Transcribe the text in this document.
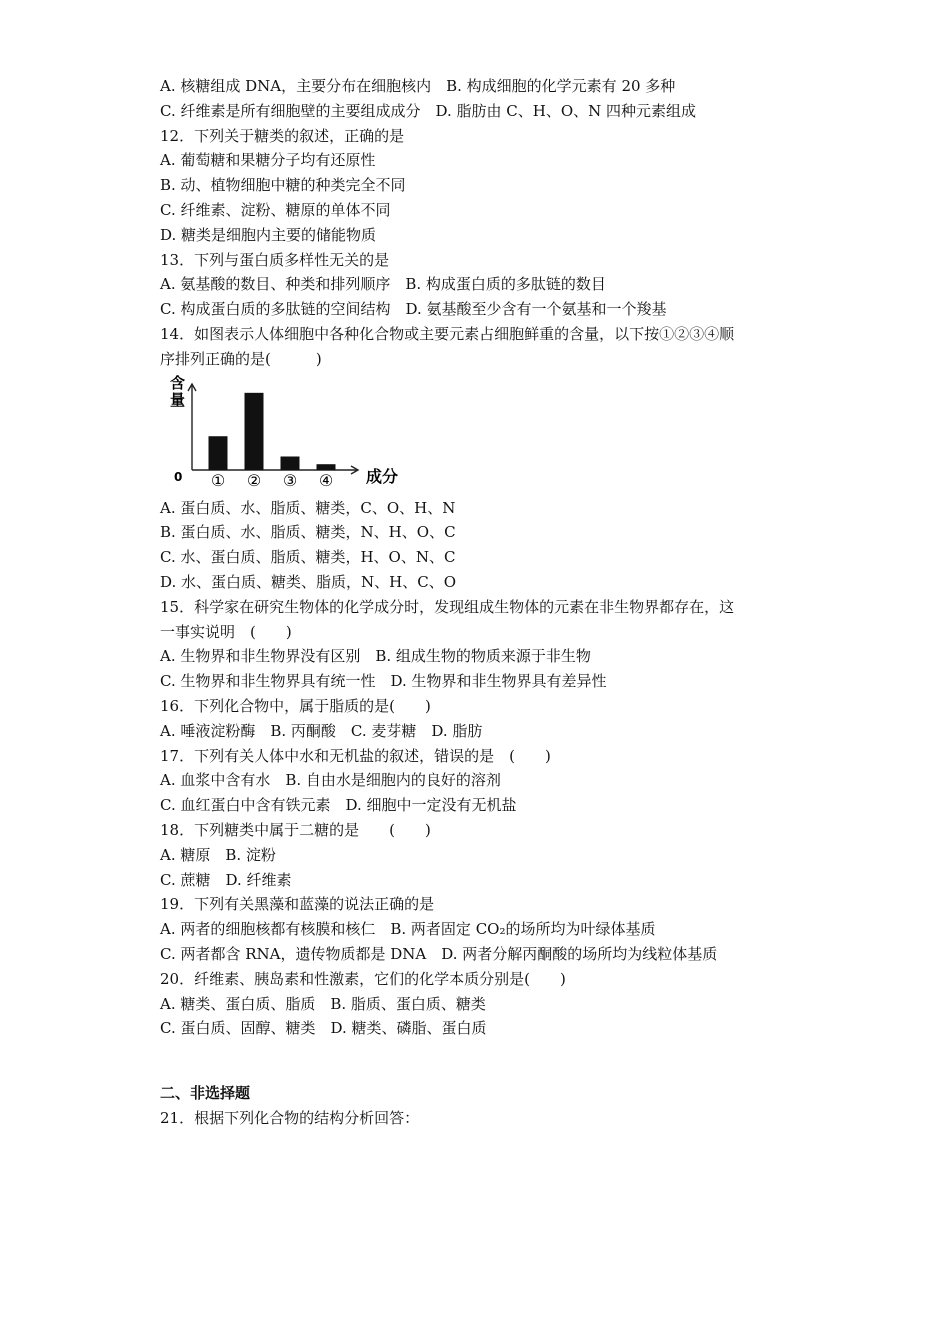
A. 核糖组成 DNA，主要分布在细胞核内　B. 构成细胞的化学元素有 20 多种
C. 纤维素是所有细胞壁的主要组成成分　D. 脂肪由 C、H、O、N 四种元素组成
12．下列关于糖类的叙述，正确的是
A. 葡萄糖和果糖分子均有还原性
B. 动、植物细胞中糖的种类完全不同
C. 纤维素、淀粉、糖原的单体不同
D. 糖类是细胞内主要的储能物质
13．下列与蛋白质多样性无关的是
A. 氨基酸的数目、种类和排列顺序　B. 构成蛋白质的多肽链的数目
C. 构成蛋白质的多肽链的空间结构　D. 氨基酸至少含有一个氨基和一个羧基
14．如图表示人体细胞中各种化合物或主要元素占细胞鲜重的含量，以下按①②③④顺
序排列正确的是(　　　)
含
量
0	成分
① ② ③ ④
A. 蛋白质、水、脂质、糖类，C、O、H、N
B. 蛋白质、水、脂质、糖类，N、H、O、C
C. 水、蛋白质、脂质、糖类，H、O、N、C
D. 水、蛋白质、糖类、脂质，N、H、C、O
15．科学家在研究生物体的化学成分时，发现组成生物体的元素在非生物界都存在，这
一事实说明　(　　)
A. 生物界和非生物界没有区别　B. 组成生物的物质来源于非生物
C. 生物界和非生物界具有统一性　D. 生物界和非生物界具有差异性
16．下列化合物中，属于脂质的是(　　)
A. 唾液淀粉酶　B. 丙酮酸　C. 麦芽糖　D. 脂肪
17．下列有关人体中水和无机盐的叙述，错误的是　(　　)
A. 血浆中含有水　B. 自由水是细胞内的良好的溶剂
C. 血红蛋白中含有铁元素　D. 细胞中一定没有无机盐
18．下列糖类中属于二糖的是　　(　　)
A. 糖原　B. 淀粉
C. 蔗糖　D. 纤维素
19．下列有关黑藻和蓝藻的说法正确的是
A. 两者的细胞核都有核膜和核仁　B. 两者固定 CO₂的场所均为叶绿体基质
C. 两者都含 RNA，遗传物质都是 DNA　D. 两者分解丙酮酸的场所均为线粒体基质
20．纤维素、胰岛素和性激素，它们的化学本质分别是(　　)
A. 糖类、蛋白质、脂质　B. 脂质、蛋白质、糖类
C. 蛋白质、固醇、糖类　D. 糖类、磷脂、蛋白质
二、非选择题
21．根据下列化合物的结构分析回答：
